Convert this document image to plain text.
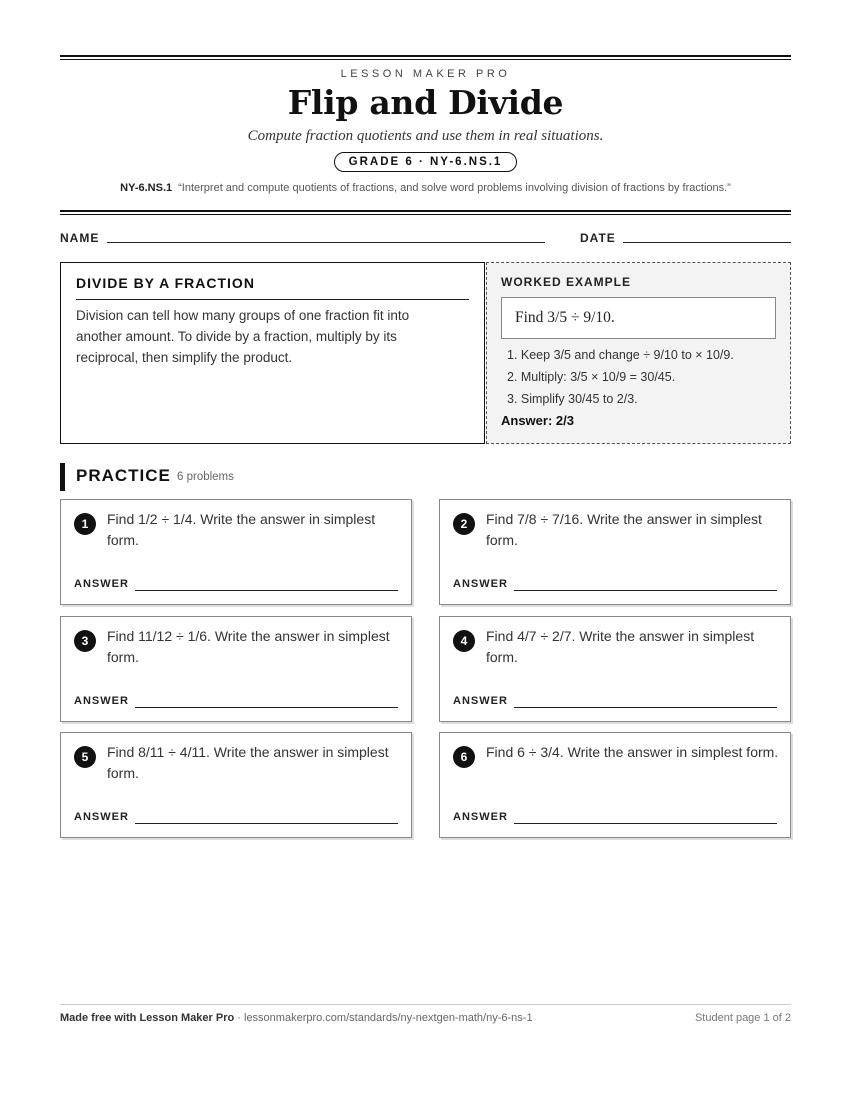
LESSON MAKER PRO
Flip and Divide
Compute fraction quotients and use them in real situations.
GRADE 6 · NY-6.NS.1
NY-6.NS.1 “Interpret and compute quotients of fractions, and solve word problems involving division of fractions by fractions.”
NAME	DATE
DIVIDE BY A FRACTION

Division can tell how many groups of one fraction fit into another amount. To divide by a fraction, multiply by its reciprocal, then simplify the product.

WORKED EXAMPLE
Find 3/5 ÷ 9/10.
1. Keep 3/5 and change ÷ 9/10 to × 10/9.
2. Multiply: 3/5 × 10/9 = 30/45.
3. Simplify 30/45 to 2/3.
Answer: 2/3
PRACTICE 6 problems
1	Find 1/2 ÷ 1/4. Write the answer in simplest form.
ANSWER
2	Find 7/8 ÷ 7/16. Write the answer in simplest form.
ANSWER
3	Find 11/12 ÷ 1/6. Write the answer in simplest form.
ANSWER
4	Find 4/7 ÷ 2/7. Write the answer in simplest form.
ANSWER
5	Find 8/11 ÷ 4/11. Write the answer in simplest form.
ANSWER
6	Find 6 ÷ 3/4. Write the answer in simplest form.
ANSWER
Made free with Lesson Maker Pro · lessonmakerpro.com/standards/ny-nextgen-math/ny-6-ns-1	Student page 1 of 2
